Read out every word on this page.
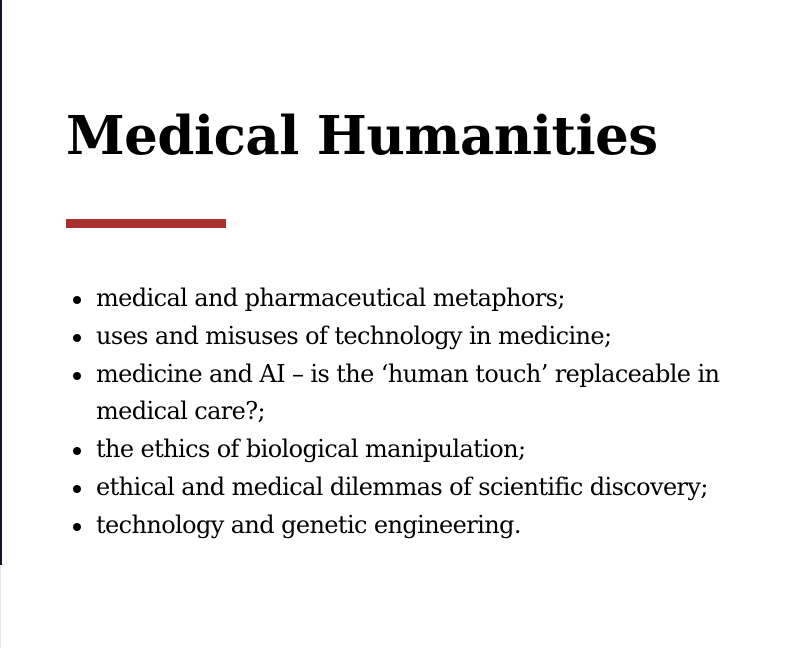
Medical Humanities
medical and pharmaceutical metaphors;
uses and misuses of technology in medicine;
medicine and AI – is the ‘human touch’ replaceable in medical care?;
the ethics of biological manipulation;
ethical and medical dilemmas of scientific discovery;
technology and genetic engineering.
